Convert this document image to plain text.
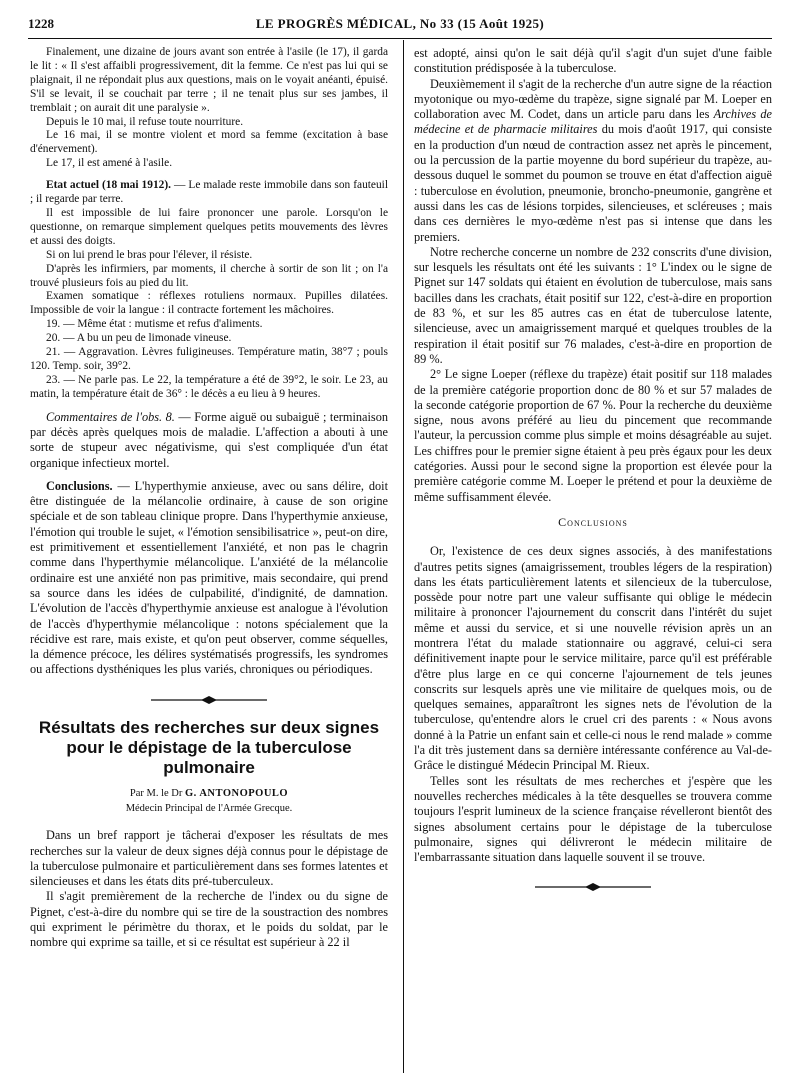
1228	LE PROGRÈS MÉDICAL, No 33 (15 Août 1925)

Finalement, une dizaine de jours avant son entrée à l'asile (le 17), il garda le lit : « Il s'est affaibli progressivement, dit la femme. Ce n'est pas lui qui se plaignait, il ne répondait plus aux questions, mais on le voyait anéanti, épuisé. S'il se levait, il se couchait par terre ; il ne tenait plus sur ses jambes, il tremblait ; on aurait dit une paralysie ».

Depuis le 10 mai, il refuse toute nourriture.

Le 16 mai, il se montre violent et mord sa femme (excitation à base d'énervement).

Le 17, il est amené à l'asile.

Etat actuel (18 mai 1912). — Le malade reste immobile dans son fauteuil ; il regarde par terre.

Il est impossible de lui faire prononcer une parole. Lorsqu'on le questionne, on remarque simplement quelques petits mouvements des lèvres et aussi des doigts.

Si on lui prend le bras pour l'élever, il résiste.

D'après les infirmiers, par moments, il cherche à sortir de son lit ; on l'a trouvé plusieurs fois au pied du lit.

Examen somatique : réflexes rotuliens normaux. Pupilles dilatées. Impossible de voir la langue : il contracte fortement les mâchoires.

19. — Même état : mutisme et refus d'aliments.

20. — A bu un peu de limonade vineuse.

21. — Aggravation. Lèvres fuligineuses. Température matin, 38°7 ; pouls 120. Temp. soir, 39°2.

23. — Ne parle pas. Le 22, la température a été de 39°2, le soir. Le 23, au matin, la température était de 36° : le décès a eu lieu à 9 heures.

Commentaires de l'obs. 8. — Forme aiguë ou subaiguë ; terminaison par décès après quelques mois de maladie. L'affection a abouti à une sorte de stupeur avec négativisme, qui s'est compliquée d'un état organique infectieux mortel.

Conclusions. — L'hyperthymie anxieuse, avec ou sans délire, doit être distinguée de la mélancolie ordinaire, à cause de son origine spéciale et de son tableau clinique propre. Dans l'hyperthymie anxieuse, l'émotion qui trouble le sujet, « l'émotion sensibilisatrice », peut-on dire, est primitivement et essentiellement l'anxiété, et non pas le chagrin comme dans l'hyperthymie mélancolique. L'anxiété de la mélancolie ordinaire est une anxiété non pas primitive, mais secondaire, qui prend sa source dans les idées de culpabilité, d'indignité, de damnation. L'évolution de l'accès d'hyperthymie anxieuse est analogue à l'évolution de l'accès d'hyperthymie mélancolique : notons spécialement que la récidive est rare, mais existe, et qu'on peut observer, comme séquelles, la démence précoce, les délires systématisés progressifs, les syndromes ou affections dysthéniques les plus variés, chroniques ou périodiques.

Résultats des recherches sur deux signes pour le dépistage de la tuberculose pulmonaire
Par M. le Dr G. ANTONOPOULO
Médecin Principal de l'Armée Grecque.

Dans un bref rapport je tâcherai d'exposer les résultats de mes recherches sur la valeur de deux signes déjà connus pour le dépistage de la tuberculose pulmonaire et particulièrement dans ses formes latentes et silencieuses et dans les états dits pré-tuberculeux.

Il s'agit premièrement de la recherche de l'index ou du signe de Pignet, c'est-à-dire du nombre qui se tire de la soustraction des nombres qui expriment le périmètre du thorax, et le poids du soldat, par le nombre qui exprime sa taille, et si ce résultat est supérieur à 22 il

est adopté, ainsi qu'on le sait déjà qu'il s'agit d'un sujet d'une faible constitution prédisposée à la tuberculose.

Deuxièmement il s'agit de la recherche d'un autre signe de la réaction myotonique ou myo-œdème du trapèze, signe signalé par M. Loeper en collaboration avec M. Codet, dans un article paru dans les Archives de médecine et de pharmacie militaires du mois d'août 1917, qui consiste en la production d'un nœud de contraction assez net après le pincement, ou la percussion de la partie moyenne du bord supérieur du trapèze, au-dessous duquel le sommet du poumon se trouve en état d'affection aiguë : tuberculose en évolution, pneumonie, broncho-pneumonie, gangrène et aussi dans les cas de lésions torpides, silencieuses, et scléreuses ; mais dans ces dernières le myo-œdème n'est pas si intense que dans les premiers.

Notre recherche concerne un nombre de 232 conscrits d'une division, sur lesquels les résultats ont été les suivants : 1° L'index ou le signe de Pignet sur 147 soldats qui étaient en évolution de tuberculose, mais sans bacilles dans les crachats, était positif sur 122, c'est-à-dire en proportion de 83 %, et sur les 85 autres cas en état de tuberculose latente, silencieuse, avec un amaigrissement marqué et quelques troubles de la respiration il était positif sur 76 malades, c'est-à-dire en proportion de 89 %.

2° Le signe Loeper (réflexe du trapèze) était positif sur 118 malades de la première catégorie proportion donc de 80 % et sur 57 malades de la seconde catégorie proportion de 67 %. Pour la recherche du deuxième signe, nous avons préféré au lieu du pincement que recommande l'auteur, la percussion comme plus simple et moins désagréable au sujet. Les chiffres pour le premier signe étaient à peu près égaux pour les deux catégories. Aussi pour le second signe la proportion est élevée pour la première catégorie comme M. Loeper le prétend et pour la deuxième de même suffisamment élevée.

Conclusions

Or, l'existence de ces deux signes associés, à des manifestations d'autres petits signes (amaigrissement, troubles légers de la respiration) dans les états particulièrement latents et silencieux de la tuberculose, possède pour notre part une valeur suffisante qui oblige le médecin militaire à prononcer l'ajournement du conscrit dans l'intérêt du sujet même et aussi du service, et si une nouvelle révision après un an montrera l'état du malade stationnaire ou aggravé, celui-ci sera définitivement inapte pour le service militaire, parce qu'il est préférable d'être plus large en ce qui concerne l'ajournement de tels jeunes conscrits sur lesquels après une vie militaire de quelques mois, ou de quelques semaines, apparaîtront les signes nets de l'évolution de la tuberculose, qu'entendre alors le cruel cri des parents : « Nous avons donné à la Patrie un enfant sain et celle-ci nous le rend malade » comme l'a dit très justement dans sa dernière intéressante conférence au Val-de-Grâce le distingué Médecin Principal M. Rieux.

Telles sont les résultats de mes recherches et j'espère que les nouvelles recherches médicales à la tête desquelles se trouvera comme toujours l'esprit lumineux de la science française révelleront bientôt des signes absolument certains pour le dépistage de la tuberculose pulmonaire, signes qui délivreront le médecin militaire de l'embarrassante situation dans laquelle souvent il se trouve.
